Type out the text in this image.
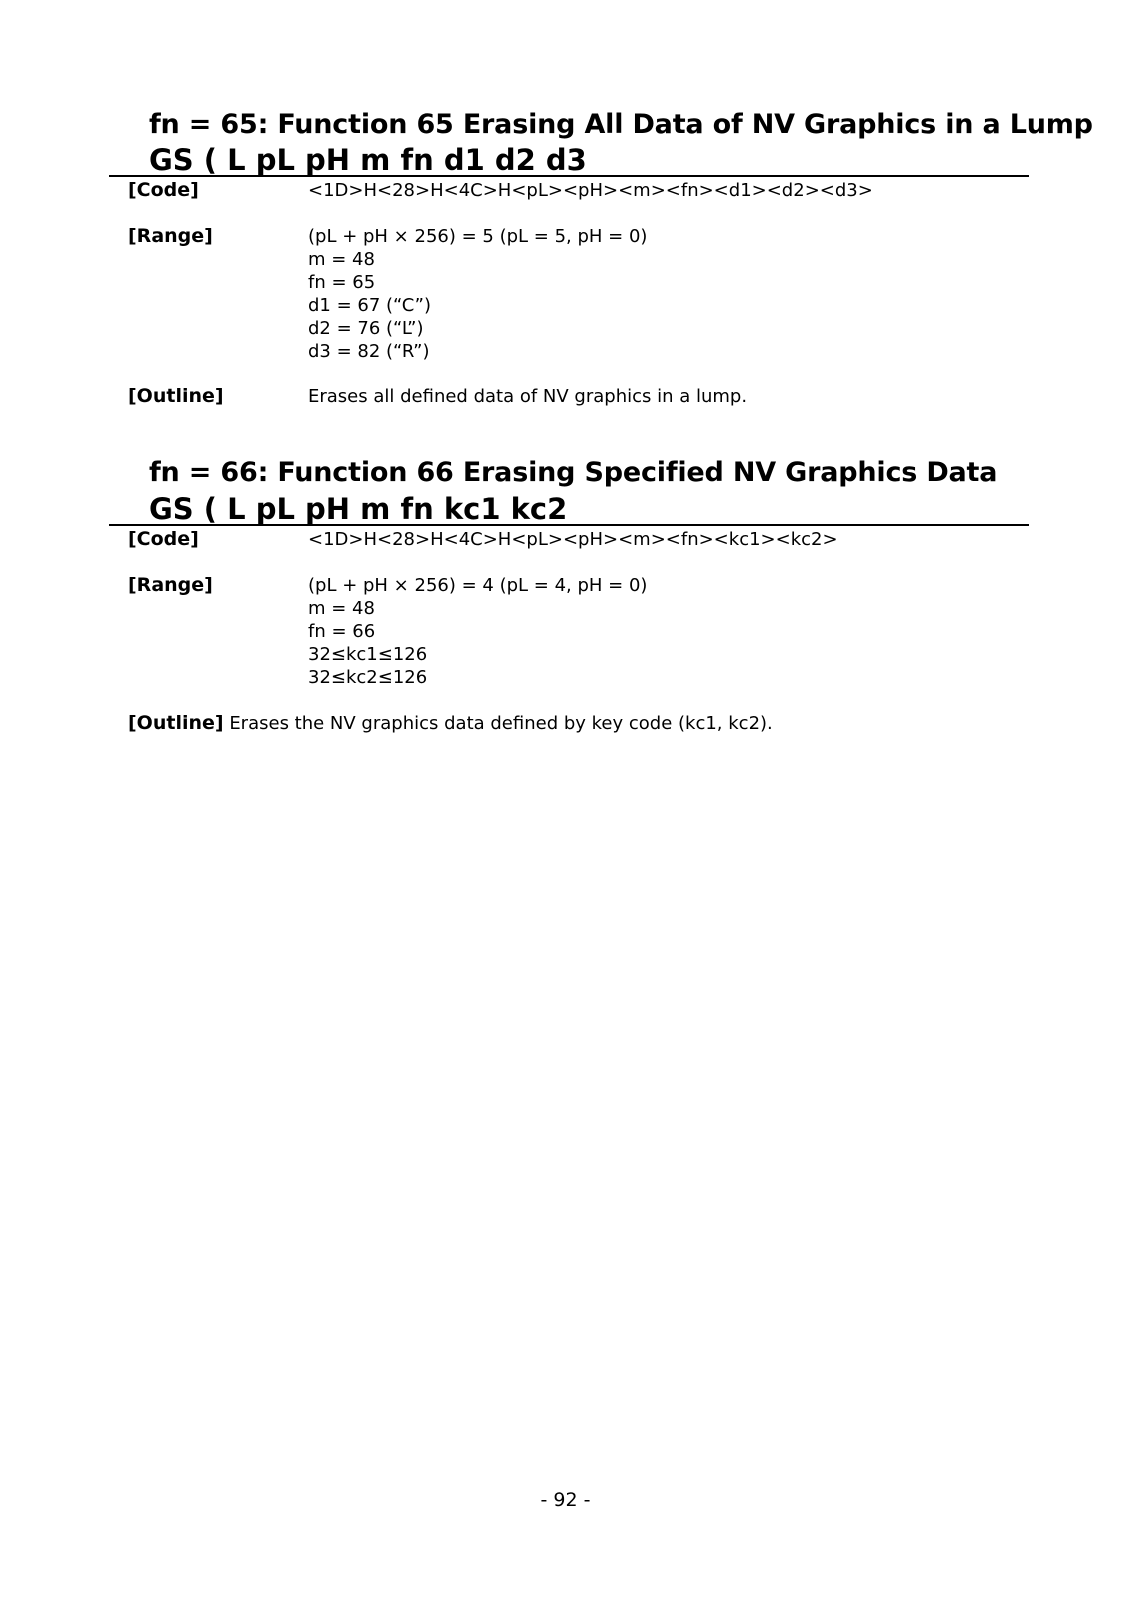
fn = 65: Function 65 Erasing All Data of NV Graphics in a Lump
GS ( L pL pH m fn d1 d2 d3
[Code]	<1D>H<28>H<4C>H<pL><pH><m><fn><d1><d2><d3>
[Range]	(pL + pH × 256) = 5 (pL = 5, pH = 0)
m = 48
fn = 65
d1 = 67 (“C”)
d2 = 76 (“L”)
d3 = 82 (“R”)
[Outline]	Erases all defined data of NV graphics in a lump.
fn = 66: Function 66 Erasing Specified NV Graphics Data
GS ( L pL pH m fn kc1 kc2
[Code]	<1D>H<28>H<4C>H<pL><pH><m><fn><kc1><kc2>
[Range]	(pL + pH × 256) = 4 (pL = 4, pH = 0)
m = 48
fn = 66
32≤kc1≤126
32≤kc2≤126
[Outline] Erases the NV graphics data defined by key code (kc1, kc2).
- 92 -
